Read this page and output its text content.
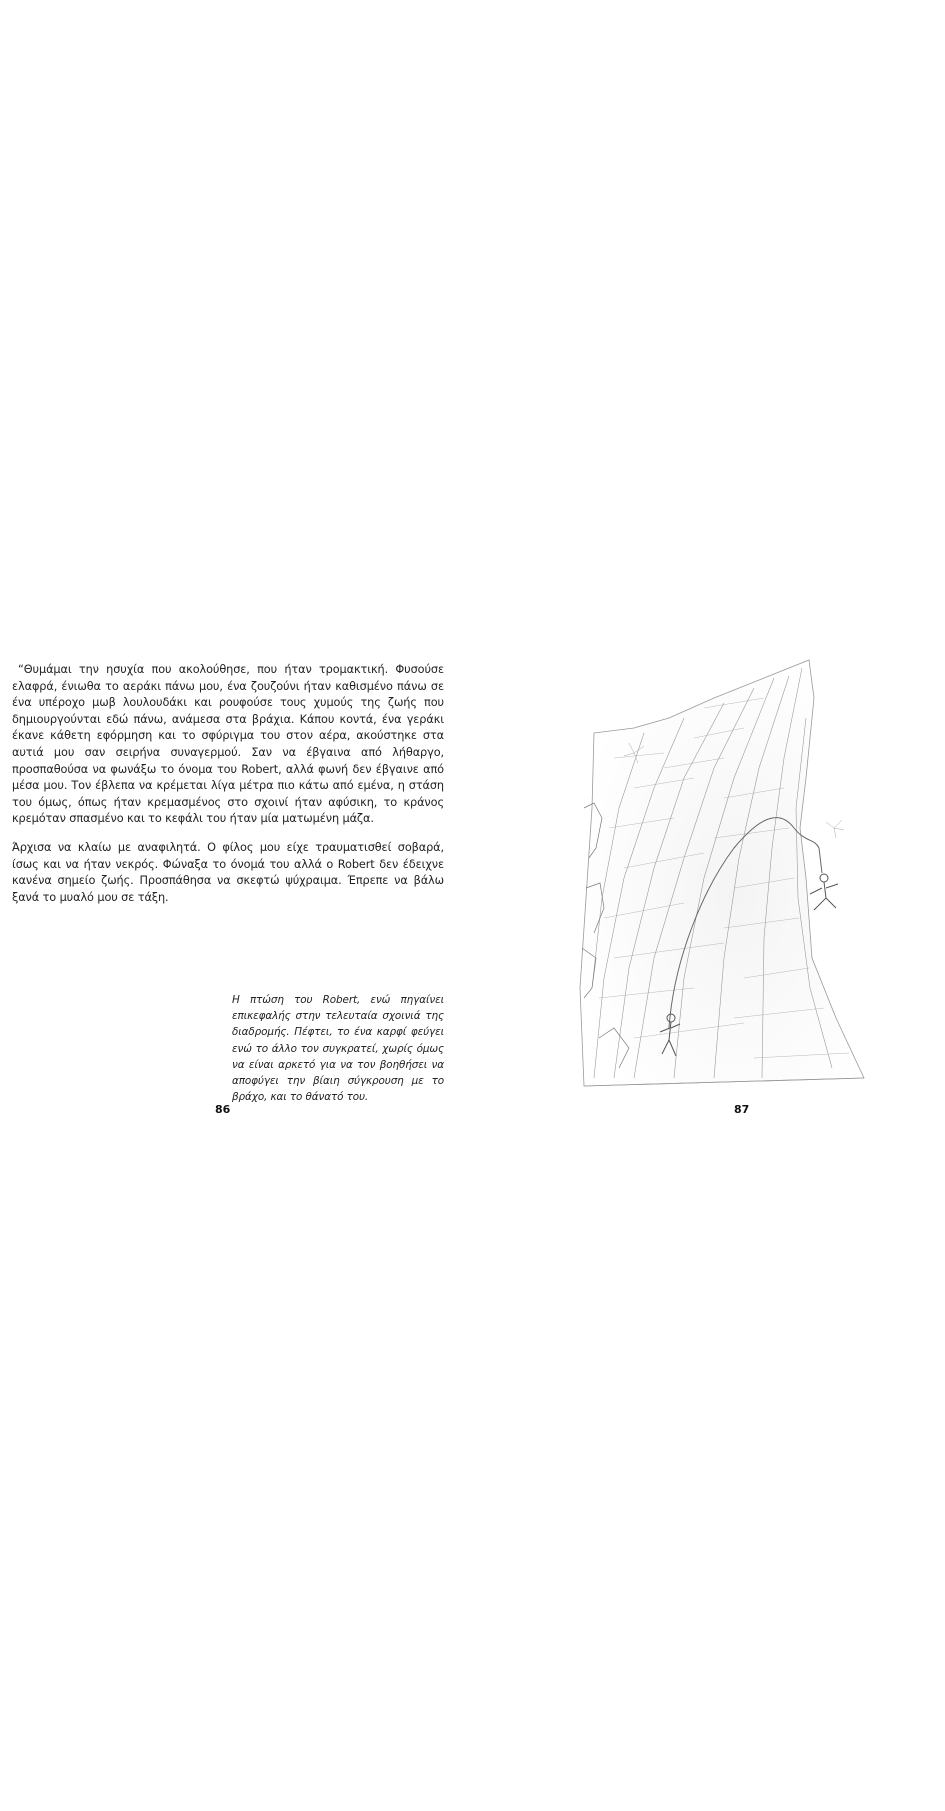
“Θυμάμαι την ησυχία που ακολούθησε, που ήταν τρομακτική. Φυσούσε ελαφρά, ένιωθα το αεράκι πάνω μου, ένα ζουζούνι ήταν καθισμένο πάνω σε ένα υπέροχο μωβ λουλουδάκι και ρουφούσε τους χυμούς της ζωής που δημιουργούνται εδώ πάνω, ανάμεσα στα βράχια. Κάπου κοντά, ένα γεράκι έκανε κάθετη εφόρμηση και το σφύριγμα του στον αέρα, ακούστηκε στα αυτιά μου σαν σειρήνα συναγερμού. Σαν να έβγαινα από λήθαργο, προσπαθούσα να φωνάξω το όνομα του Robert, αλλά φωνή δεν έβγαινε από μέσα μου. Τον έβλεπα να κρέμεται λίγα μέτρα πιο κάτω από εμένα, η στάση του όμως, όπως ήταν κρεμασμένος στο σχοινί ήταν αφύσικη, το κράνος κρεμόταν σπασμένο και το κεφάλι του ήταν μία ματωμένη μάζα.

Άρχισα να κλαίω με αναφιλητά. Ο φίλος μου είχε τραυματισθεί σοβαρά, ίσως και να ήταν νεκρός. Φώναξα το όνομά του αλλά ο Robert δεν έδειχνε κανένα σημείο ζωής. Προσπάθησα να σκεφτώ ψύχραιμα. Έπρεπε να βάλω ξανά το μυαλό μου σε τάξη.

Η πτώση του Robert, ενώ πηγαίνει επικεφαλής στην τελευταία σχοινιά της διαδρομής. Πέφτει, το ένα καρφί φεύγει ενώ το άλλο τον συγκρατεί, χωρίς όμως να είναι αρκετό για να τον βοηθήσει να αποφύγει την βίαιη σύγκρουση με το βράχο, και το θάνατό του.
86	87
